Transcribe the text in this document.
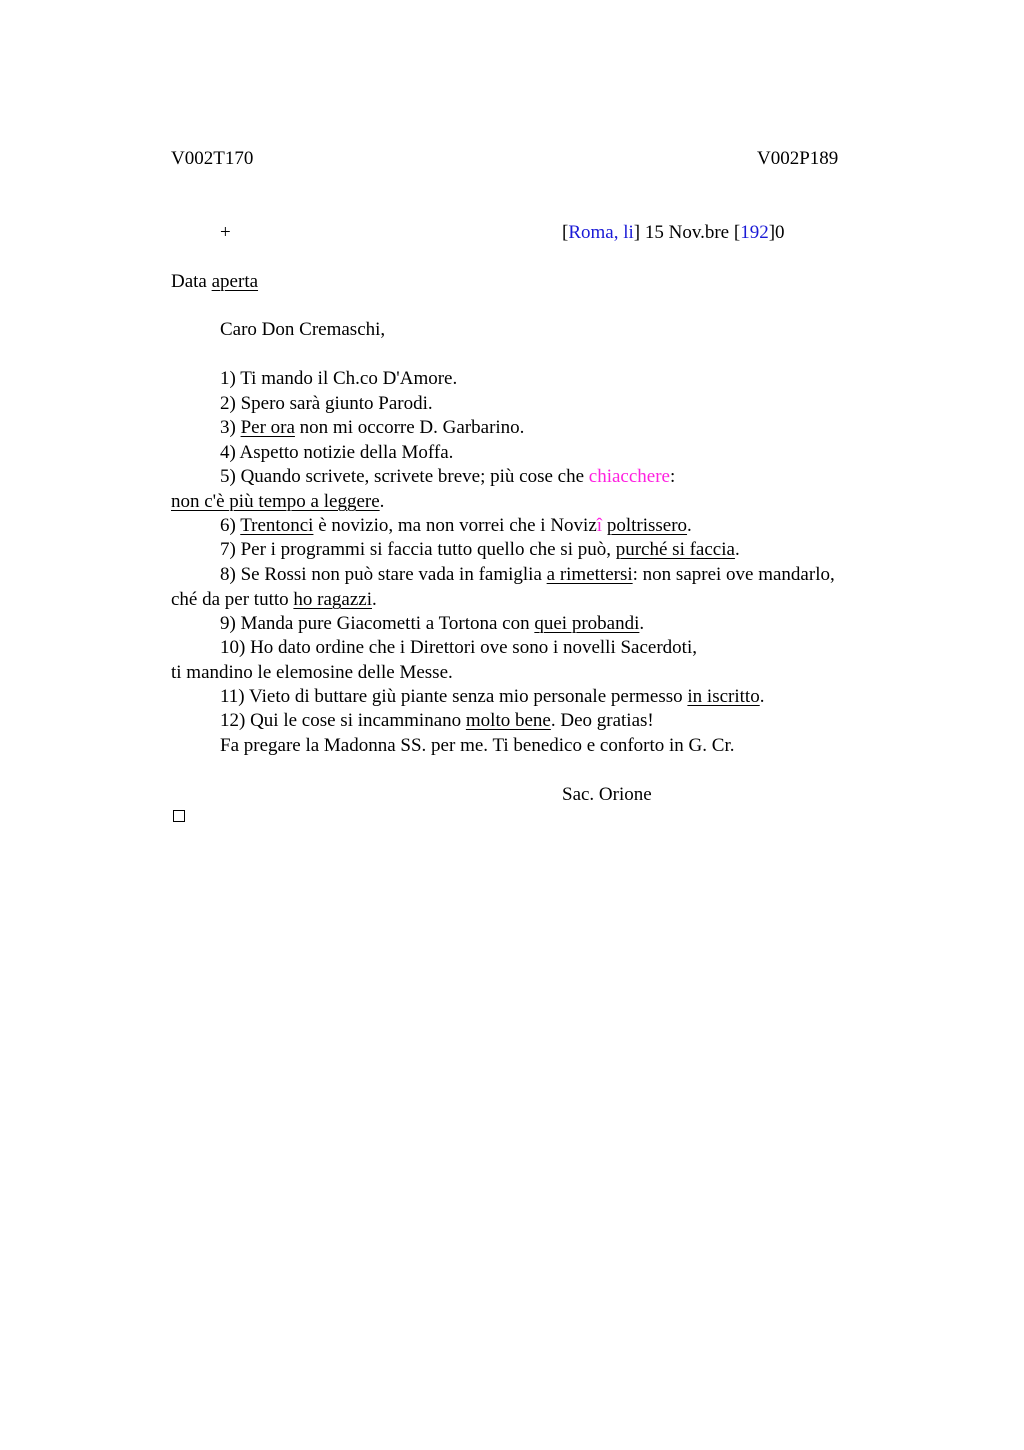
V002T170	V002P189
+	[Roma, li] 15 Nov.bre [192]0
Data aperta
Caro Don Cremaschi,
1) Ti mando il Ch.co D'Amore.
2) Spero sarà giunto Parodi.
3) Per ora non mi occorre D. Garbarino.
4) Aspetto notizie della Moffa.
5) Quando scrivete, scrivete breve; più cose che chiacchere:
non c'è più tempo a leggere.
6) Trentonci è novizio, ma non vorrei che i Novizî poltrissero.
7) Per i programmi si faccia tutto quello che si può, purché si faccia.
8) Se Rossi non può stare vada in famiglia a rimettersi: non saprei ove mandarlo,
ché da per tutto ho ragazzi.
9) Manda pure Giacometti a Tortona con quei probandi.
10) Ho dato ordine che i Direttori ove sono i novelli Sacerdoti,
ti mandino le elemosine delle Messe.
11) Vieto di buttare giù piante senza mio personale permesso in iscritto.
12) Qui le cose si incamminano molto bene. Deo gratias!
Fa pregare la Madonna SS. per me. Ti benedico e conforto in G. Cr.
Sac. Orione
